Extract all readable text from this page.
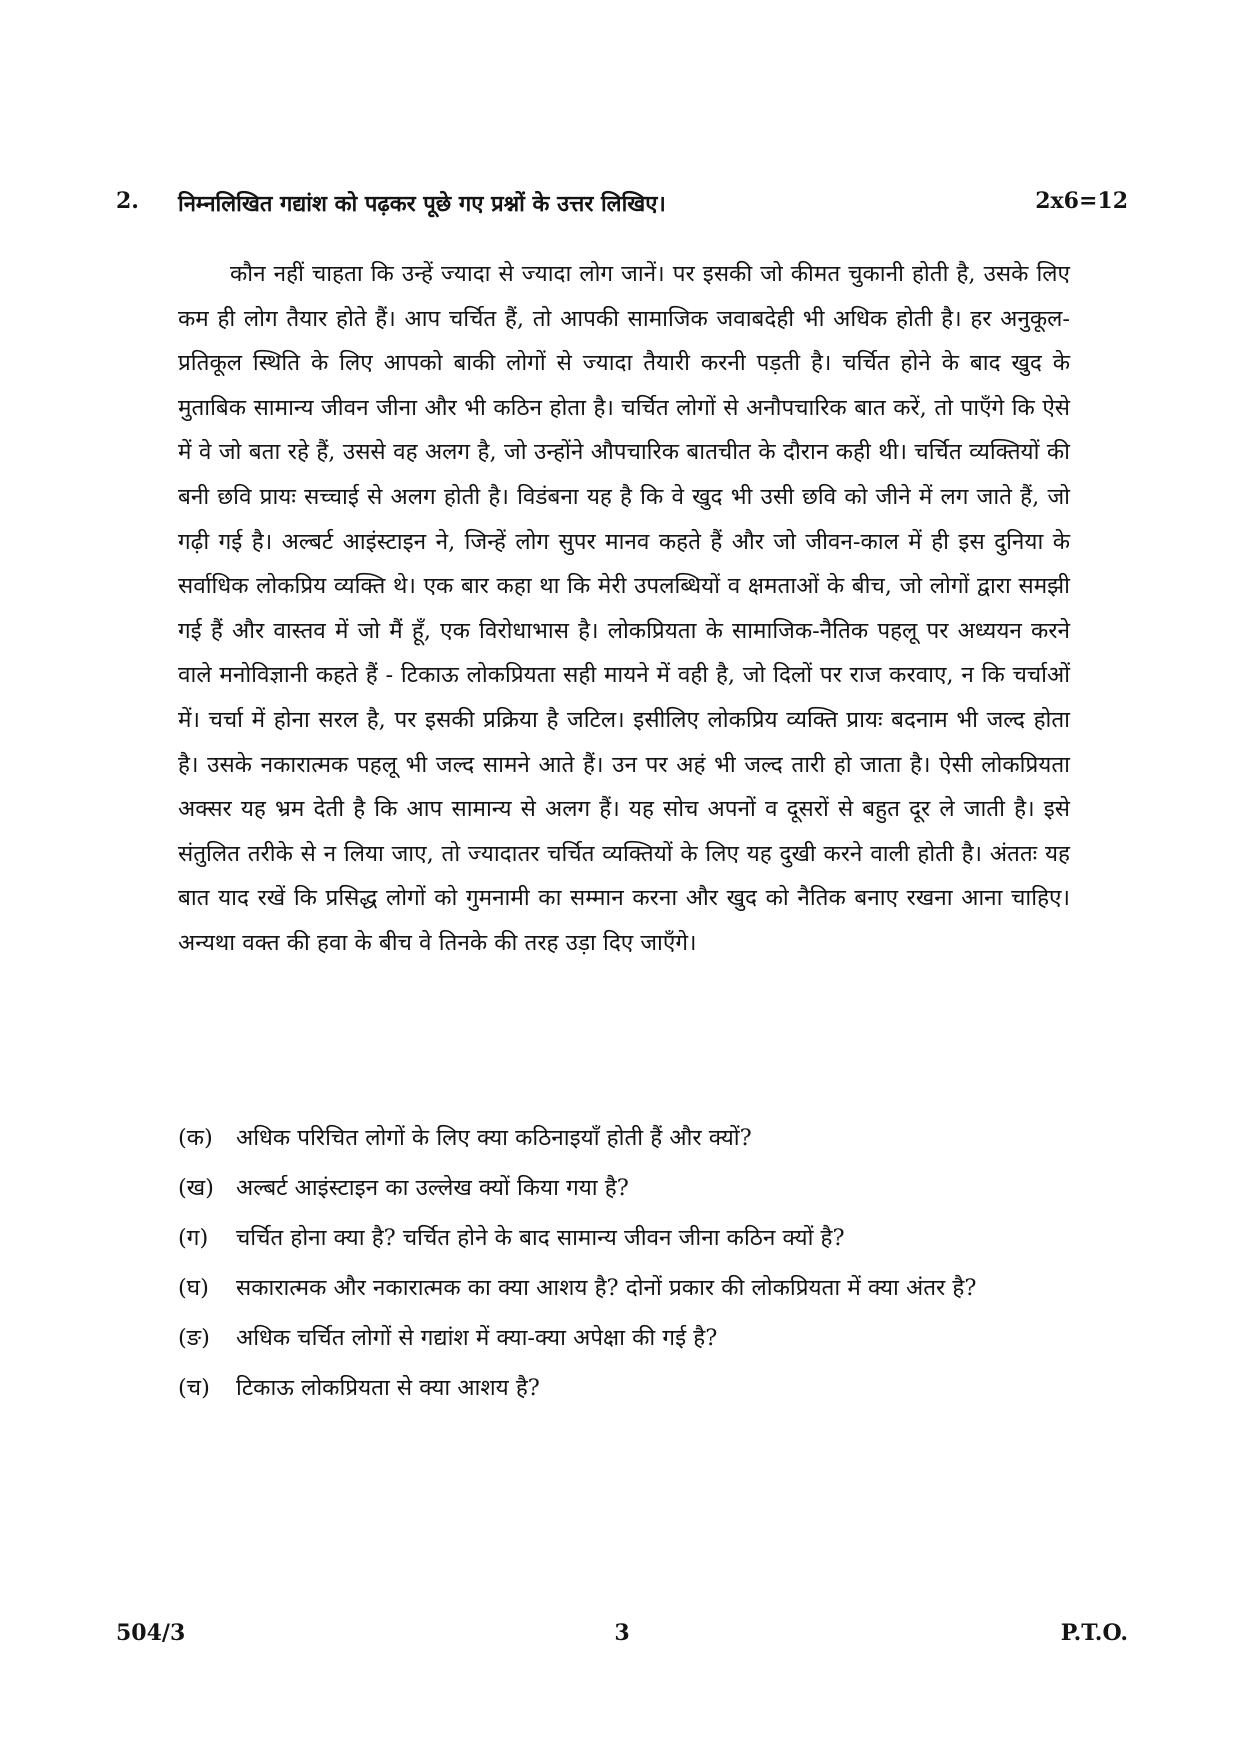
2. निम्नलिखित गद्यांश को पढ़कर पूछे गए प्रश्नों के उत्तर लिखिए।	2x6=12

कौन नहीं चाहता कि उन्हें ज्यादा से ज्यादा लोग जानें। पर इसकी जो कीमत चुकानी होती है, उसके लिए कम ही लोग तैयार होते हैं। आप चर्चित हैं, तो आपकी सामाजिक जवाबदेही भी अधिक होती है। हर अनुकूल-प्रतिकूल स्थिति के लिए आपको बाकी लोगों से ज्यादा तैयारी करनी पड़ती है। चर्चित होने के बाद खुद के मुताबिक सामान्य जीवन जीना और भी कठिन होता है। चर्चित लोगों से अनौपचारिक बात करें, तो पाएँगे कि ऐसे में वे जो बता रहे हैं, उससे वह अलग है, जो उन्होंने औपचारिक बातचीत के दौरान कही थी। चर्चित व्यक्तियों की बनी छवि प्रायः सच्चाई से अलग होती है। विडंबना यह है कि वे खुद भी उसी छवि को जीने में लग जाते हैं, जो गढ़ी गई है। अल्बर्ट आइंस्टाइन ने, जिन्हें लोग सुपर मानव कहते हैं और जो जीवन-काल में ही इस दुनिया के सर्वाधिक लोकप्रिय व्यक्ति थे। एक बार कहा था कि मेरी उपलब्धियों व क्षमताओं के बीच, जो लोगों द्वारा समझी गई हैं और वास्तव में जो मैं हूँ, एक विरोधाभास है। लोकप्रियता के सामाजिक-नैतिक पहलू पर अध्ययन करने वाले मनोविज्ञानी कहते हैं - टिकाऊ लोकप्रियता सही मायने में वही है, जो दिलों पर राज करवाए, न कि चर्चाओं में। चर्चा में होना सरल है, पर इसकी प्रक्रिया है जटिल। इसीलिए लोकप्रिय व्यक्ति प्रायः बदनाम भी जल्द होता है। उसके नकारात्मक पहलू भी जल्द सामने आते हैं। उन पर अहं भी जल्द तारी हो जाता है। ऐसी लोकप्रियता अक्सर यह भ्रम देती है कि आप सामान्य से अलग हैं। यह सोच अपनों व दूसरों से बहुत दूर ले जाती है। इसे संतुलित तरीके से न लिया जाए, तो ज्यादातर चर्चित व्यक्तियों के लिए यह दुखी करने वाली होती है। अंततः यह बात याद रखें कि प्रसिद्ध लोगों को गुमनामी का सम्मान करना और खुद को नैतिक बनाए रखना आना चाहिए। अन्यथा वक्त की हवा के बीच वे तिनके की तरह उड़ा दिए जाएँगे।

(क)	अधिक परिचित लोगों के लिए क्या कठिनाइयाँ होती हैं और क्यों?
(ख) अल्बर्ट आइंस्टाइन का उल्लेख क्यों किया गया है?
(ग)	चर्चित होना क्या है? चर्चित होने के बाद सामान्य जीवन जीना कठिन क्यों है?
(घ)	सकारात्मक और नकारात्मक का क्या आशय है? दोनों प्रकार की लोकप्रियता में क्या अंतर है?
(ङ)	अधिक चर्चित लोगों से गद्यांश में क्या-क्या अपेक्षा की गई है?
(च)	टिकाऊ लोकप्रियता से क्या आशय है?
504/3	3	P.T.O.
